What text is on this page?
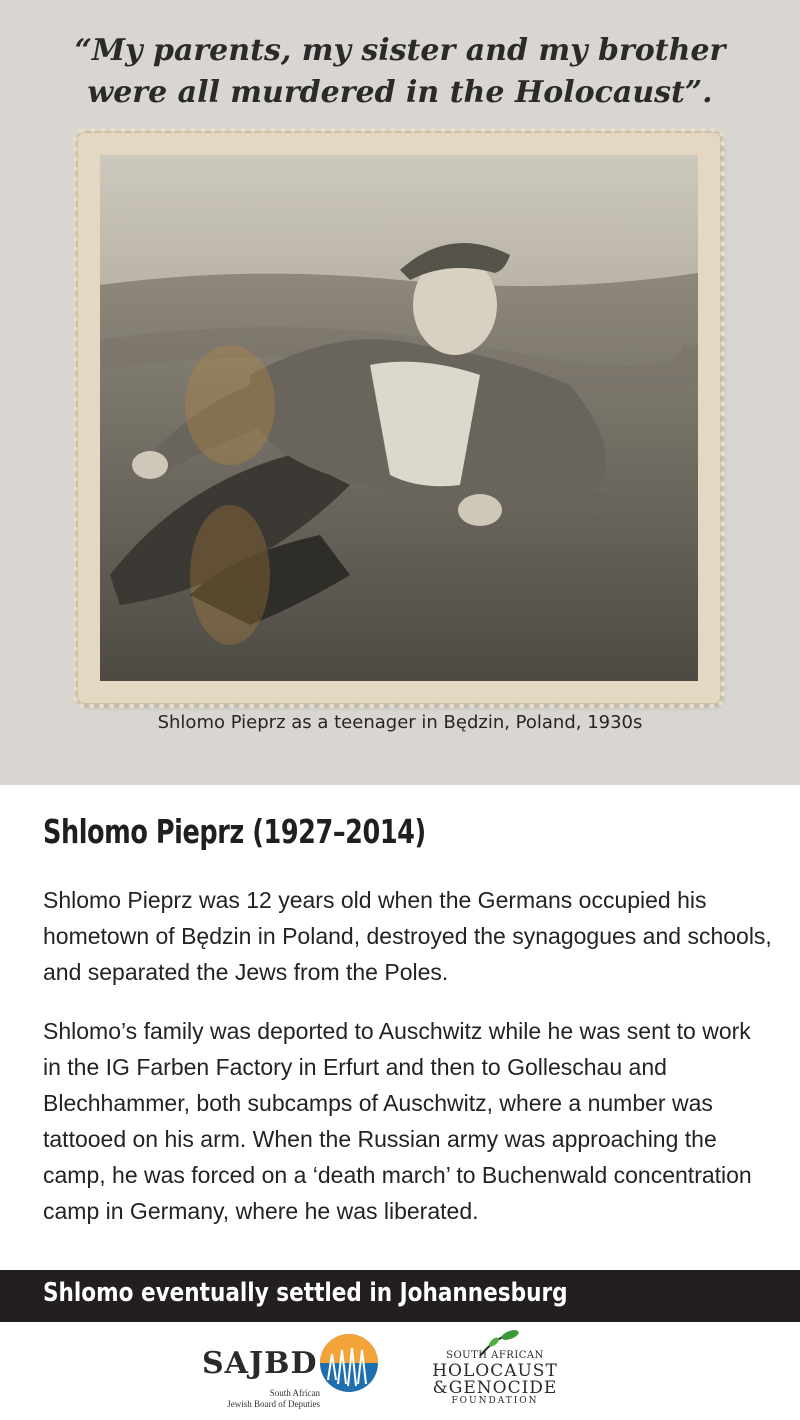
“My parents, my sister and my brother
were all murdered in the Holocaust”.
Shlomo Pieprz as a teenager in Będzin, Poland, 1930s
Shlomo Pieprz (1927–2014)

Shlomo Pieprz was 12 years old when the Germans occupied his hometown of Będzin in Poland, destroyed the synagogues and schools, and separated the Jews from the Poles.

Shlomo’s family was deported to Auschwitz while he was sent to work in the IG Farben Factory in Erfurt and then to Golleschau and Blechhammer, both subcamps of Auschwitz, where a number was tattooed on his arm. When the Russian army was approaching the camp, he was forced on a ‘death march’ to Buchenwald concentration camp in Germany, where he was liberated.

Shlomo eventually settled in Johannesburg
SAJBD
South African
Jewish Board of Deputies
SOUTH AFRICAN
HOLOCAUST
&GENOCIDE
FOUNDATION
